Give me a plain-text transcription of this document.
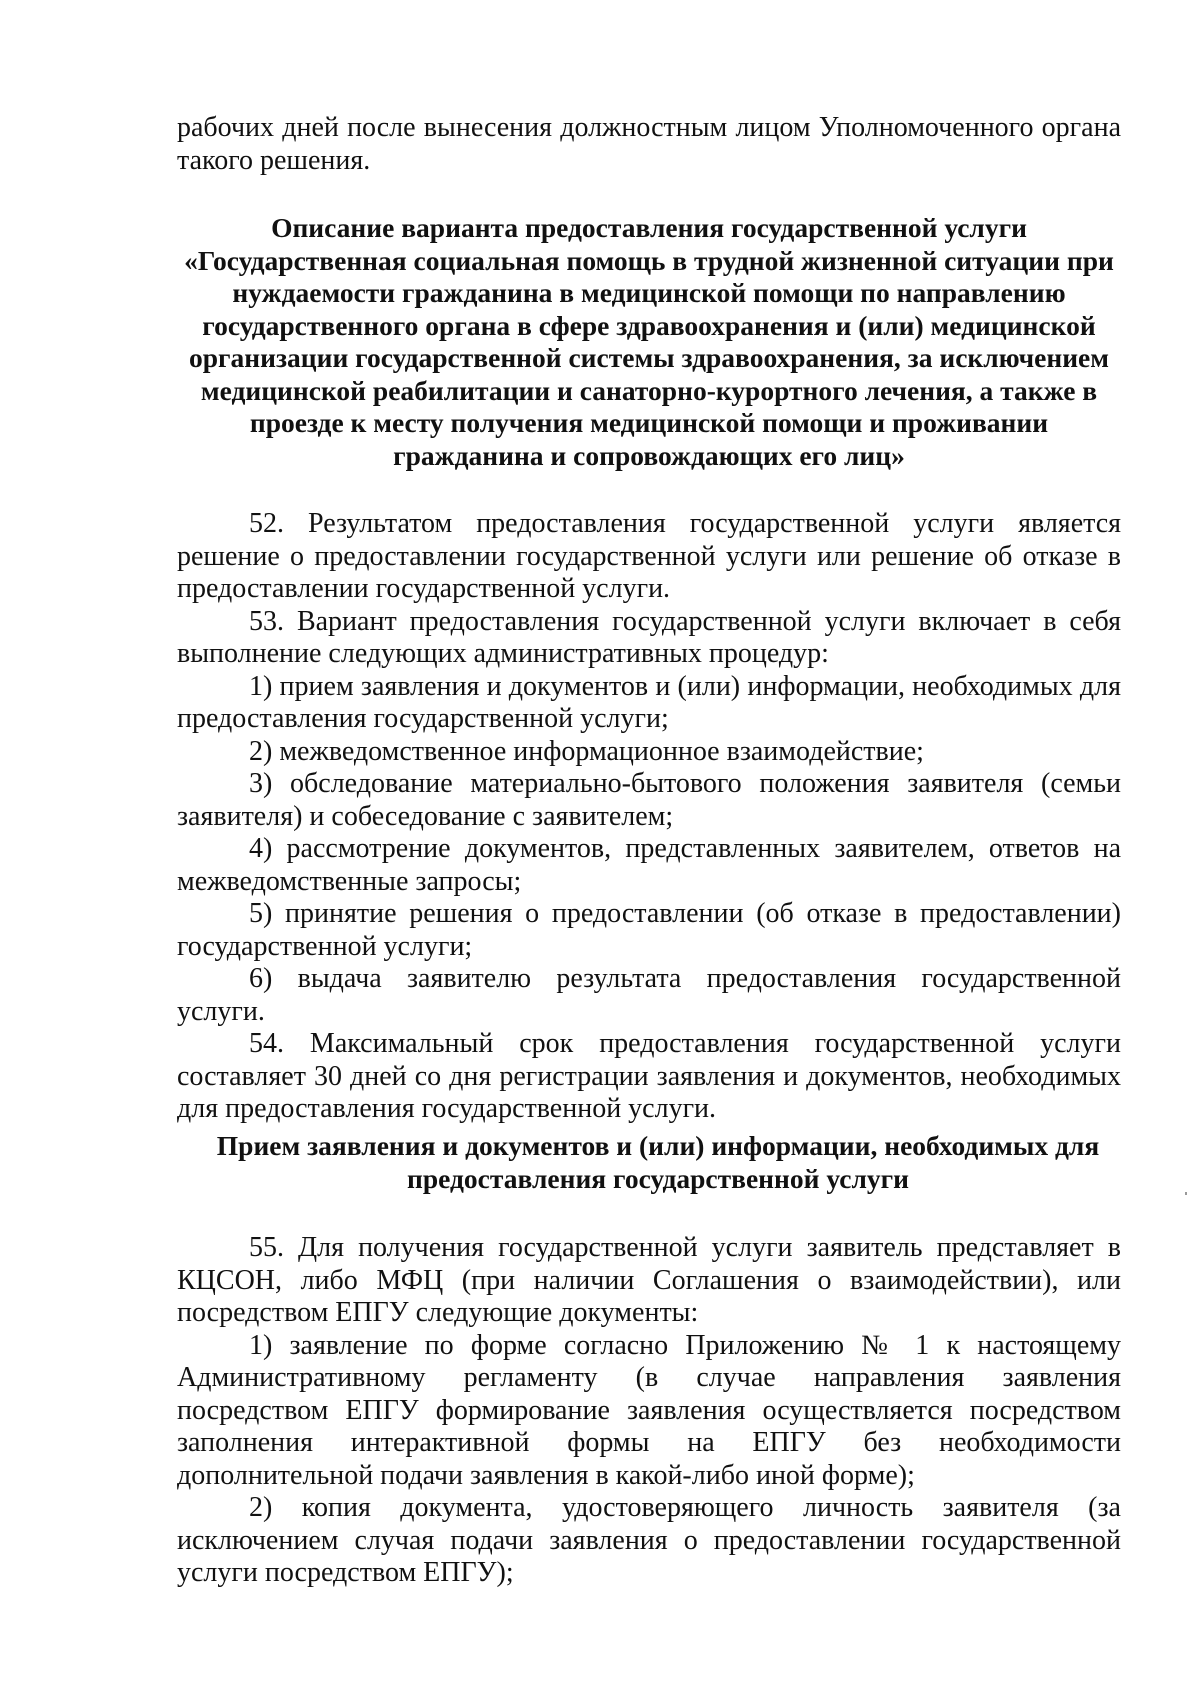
рабочих дней после вынесения должностным лицом Уполномоченного органа такого решения.

Описание варианта предоставления государственной услуги «Государственная социальная помощь в трудной жизненной ситуации при нуждаемости гражданина в медицинской помощи по направлению государственного органа в сфере здравоохранения и (или) медицинской организации государственной системы здравоохранения, за исключением медицинской реабилитации и санаторно-курортного лечения, а также в проезде к месту получения медицинской помощи и проживании гражданина и сопровождающих его лиц»

52. Результатом предоставления государственной услуги является решение о предоставлении государственной услуги или решение об отказе в предоставлении государственной услуги.

53. Вариант предоставления государственной услуги включает в себя выполнение следующих административных процедур:

1) прием заявления и документов и (или) информации, необходимых для предоставления государственной услуги;

2) межведомственное информационное взаимодействие;

3) обследование материально-бытового положения заявителя (семьи заявителя) и собеседование с заявителем;

4) рассмотрение документов, представленных заявителем, ответов на межведомственные запросы;

5) принятие решения о предоставлении (об отказе в предоставлении) государственной услуги;

6) выдача заявителю результата предоставления государственной услуги.

54. Максимальный срок предоставления государственной услуги составляет 30 дней со дня регистрации заявления и документов, необходимых для предоставления государственной услуги.

Прием заявления и документов и (или) информации, необходимых для предоставления государственной услуги

55. Для получения государственной услуги заявитель представляет в КЦСОН, либо МФЦ (при наличии Соглашения о взаимодействии), или посредством ЕПГУ следующие документы:

1) заявление по форме согласно Приложению № 1 к настоящему Административному регламенту (в случае направления заявления посредством ЕПГУ формирование заявления осуществляется посредством заполнения интерактивной формы на ЕПГУ без необходимости дополнительной подачи заявления в какой-либо иной форме);

2) копия документа, удостоверяющего личность заявителя (за исключением случая подачи заявления о предоставлении государственной услуги посредством ЕПГУ);
